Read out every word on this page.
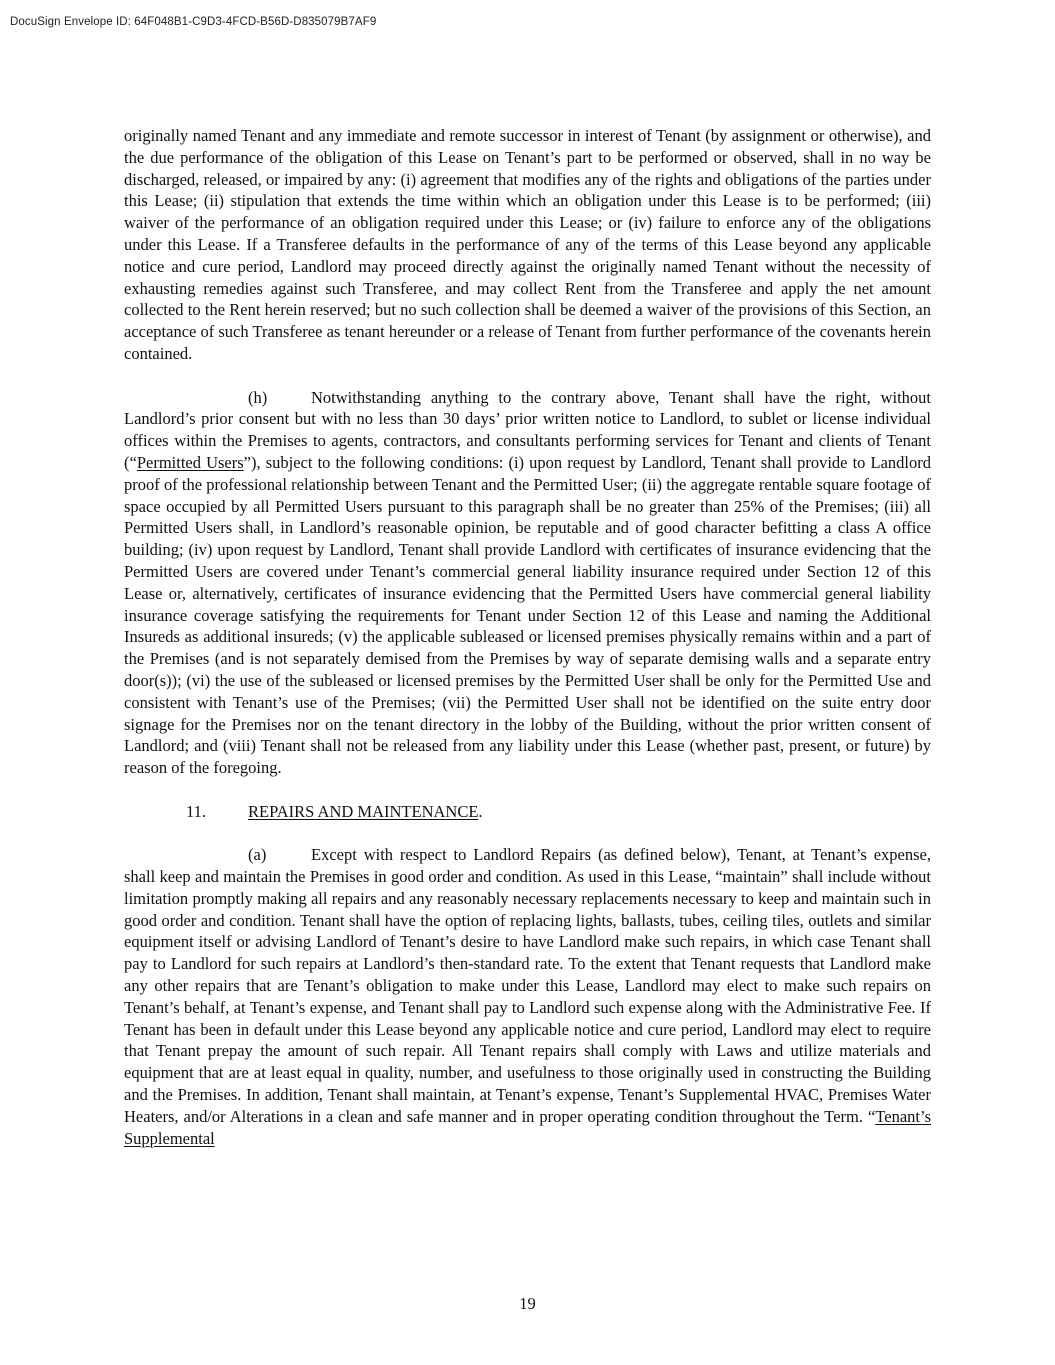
DocuSign Envelope ID: 64F048B1-C9D3-4FCD-B56D-D835079B7AF9

originally named Tenant and any immediate and remote successor in interest of Tenant (by assignment or otherwise), and the due performance of the obligation of this Lease on Tenant’s part to be performed or observed, shall in no way be discharged, released, or impaired by any: (i) agreement that modifies any of the rights and obligations of the parties under this Lease; (ii) stipulation that extends the time within which an obligation under this Lease is to be performed; (iii) waiver of the performance of an obligation required under this Lease; or (iv) failure to enforce any of the obligations under this Lease. If a Transferee defaults in the performance of any of the terms of this Lease beyond any applicable notice and cure period, Landlord may proceed directly against the originally named Tenant without the necessity of exhausting remedies against such Transferee, and may collect Rent from the Transferee and apply the net amount collected to the Rent herein reserved; but no such collection shall be deemed a waiver of the provisions of this Section, an acceptance of such Transferee as tenant hereunder or a release of Tenant from further performance of the covenants herein contained.

(h)	Notwithstanding anything to the contrary above, Tenant shall have the right, without Landlord’s prior consent but with no less than 30 days’ prior written notice to Landlord, to sublet or license individual offices within the Premises to agents, contractors, and consultants performing services for Tenant and clients of Tenant (“Permitted Users”), subject to the following conditions: (i) upon request by Landlord, Tenant shall provide to Landlord proof of the professional relationship between Tenant and the Permitted User; (ii) the aggregate rentable square footage of space occupied by all Permitted Users pursuant to this paragraph shall be no greater than 25% of the Premises; (iii) all Permitted Users shall, in Landlord’s reasonable opinion, be reputable and of good character befitting a class A office building; (iv) upon request by Landlord, Tenant shall provide Landlord with certificates of insurance evidencing that the Permitted Users are covered under Tenant’s commercial general liability insurance required under Section 12 of this Lease or, alternatively, certificates of insurance evidencing that the Permitted Users have commercial general liability insurance coverage satisfying the requirements for Tenant under Section 12 of this Lease and naming the Additional Insureds as additional insureds; (v) the applicable subleased or licensed premises physically remains within and a part of the Premises (and is not separately demised from the Premises by way of separate demising walls and a separate entry door(s)); (vi) the use of the subleased or licensed premises by the Permitted User shall be only for the Permitted Use and consistent with Tenant’s use of the Premises; (vii) the Permitted User shall not be identified on the suite entry door signage for the Premises nor on the tenant directory in the lobby of the Building, without the prior written consent of Landlord; and (viii) Tenant shall not be released from any liability under this Lease (whether past, present, or future) by reason of the foregoing.

11.	REPAIRS AND MAINTENANCE.

(a)	Except with respect to Landlord Repairs (as defined below), Tenant, at Tenant’s expense, shall keep and maintain the Premises in good order and condition. As used in this Lease, “maintain” shall include without limitation promptly making all repairs and any reasonably necessary replacements necessary to keep and maintain such in good order and condition. Tenant shall have the option of replacing lights, ballasts, tubes, ceiling tiles, outlets and similar equipment itself or advising Landlord of Tenant’s desire to have Landlord make such repairs, in which case Tenant shall pay to Landlord for such repairs at Landlord’s then-standard rate. To the extent that Tenant requests that Landlord make any other repairs that are Tenant’s obligation to make under this Lease, Landlord may elect to make such repairs on Tenant’s behalf, at Tenant’s expense, and Tenant shall pay to Landlord such expense along with the Administrative Fee. If Tenant has been in default under this Lease beyond any applicable notice and cure period, Landlord may elect to require that Tenant prepay the amount of such repair. All Tenant repairs shall comply with Laws and utilize materials and equipment that are at least equal in quality, number, and usefulness to those originally used in constructing the Building and the Premises. In addition, Tenant shall maintain, at Tenant’s expense, Tenant’s Supplemental HVAC, Premises Water Heaters, and/or Alterations in a clean and safe manner and in proper operating condition throughout the Term. “Tenant’s Supplemental

19
